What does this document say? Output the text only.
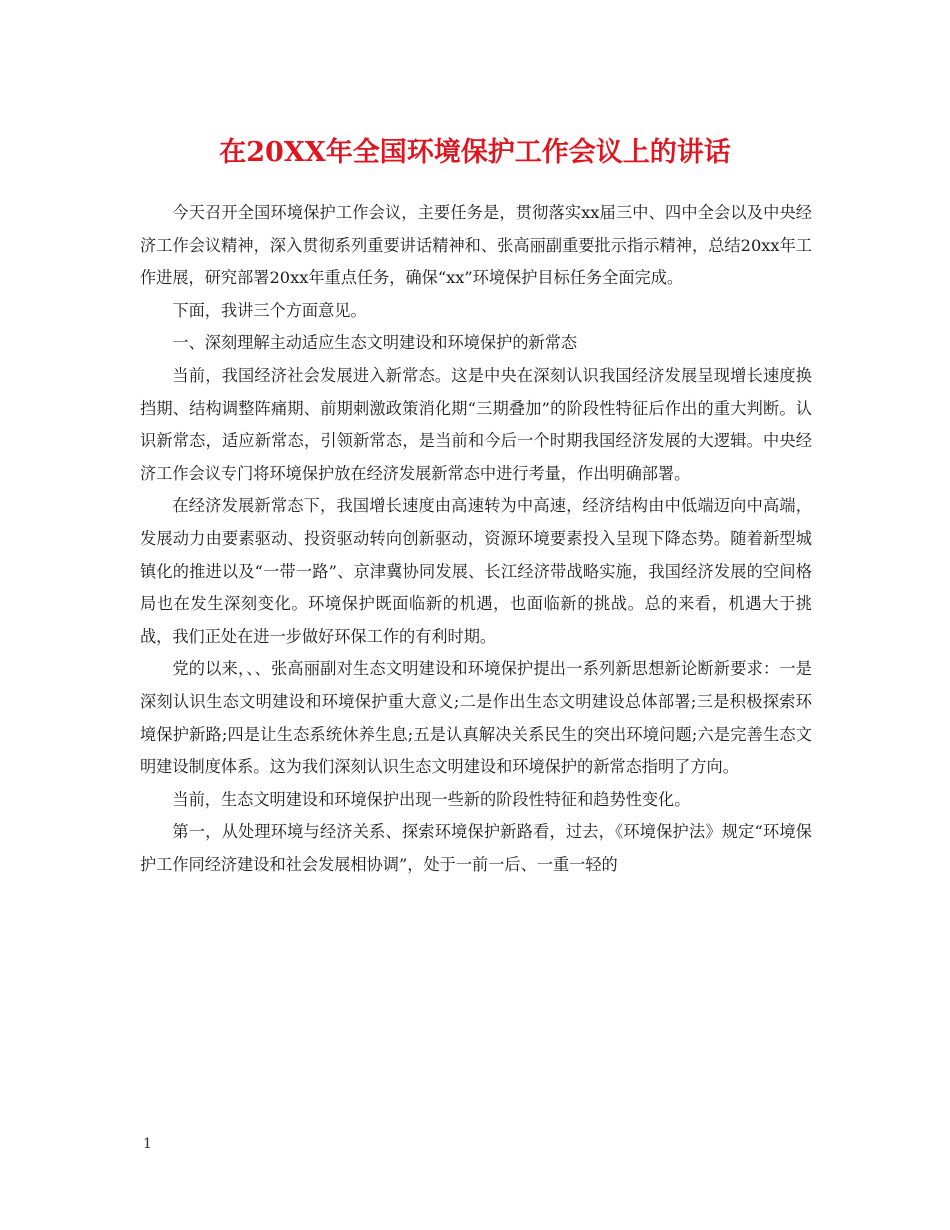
在20XX年全国环境保护工作会议上的讲话

今天召开全国环境保护工作会议，主要任务是，贯彻落实xx届三中、四中全会以及中央经济工作会议精神，深入贯彻系列重要讲话精神和、张高丽副重要批示指示精神，总结20xx年工作进展，研究部署20xx年重点任务，确保“xx”环境保护目标任务全面完成。

下面，我讲三个方面意见。

一、深刻理解主动适应生态文明建设和环境保护的新常态

当前，我国经济社会发展进入新常态。这是中央在深刻认识我国经济发展呈现增长速度换挡期、结构调整阵痛期、前期刺激政策消化期“三期叠加”的阶段性特征后作出的重大判断。认识新常态，适应新常态，引领新常态，是当前和今后一个时期我国经济发展的大逻辑。中央经济工作会议专门将环境保护放在经济发展新常态中进行考量，作出明确部署。

在经济发展新常态下，我国增长速度由高速转为中高速，经济结构由中低端迈向中高端，发展动力由要素驱动、投资驱动转向创新驱动，资源环境要素投入呈现下降态势。随着新型城镇化的推进以及“一带一路”、京津冀协同发展、长江经济带战略实施，我国经济发展的空间格局也在发生深刻变化。环境保护既面临新的机遇，也面临新的挑战。总的来看，机遇大于挑战，我们正处在进一步做好环保工作的有利时期。

党的以来，、、张高丽副对生态文明建设和环境保护提出一系列新思想新论断新要求：一是深刻认识生态文明建设和环境保护重大意义;二是作出生态文明建设总体部署;三是积极探索环境保护新路;四是让生态系统休养生息;五是认真解决关系民生的突出环境问题;六是完善生态文明建设制度体系。这为我们深刻认识生态文明建设和环境保护的新常态指明了方向。

当前，生态文明建设和环境保护出现一些新的阶段性特征和趋势性变化。

第一，从处理环境与经济关系、探索环境保护新路看，过去，《环境保护法》规定“环境保护工作同经济建设和社会发展相协调”，处于一前一后、一重一轻的

1
